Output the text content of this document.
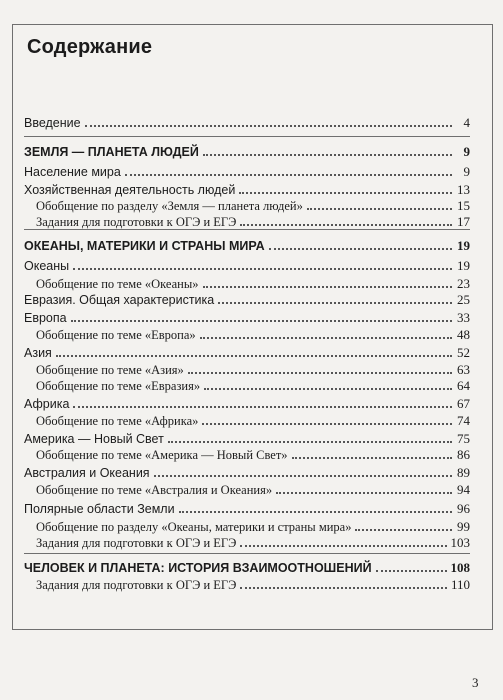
Содержание
Введение	4
ЗЕМЛЯ — ПЛАНЕТА ЛЮДЕЙ	9
Население мира	9
Хозяйственная деятельность людей	13
Обобщение по разделу «Земля — планета людей»	15
Задания для подготовки к ОГЭ и ЕГЭ	17
ОКЕАНЫ, МАТЕРИКИ И СТРАНЫ МИРА	19
Океаны	19
Обобщение по теме «Океаны»	23
Евразия. Общая характеристика	25
Европа	33
Обобщение по теме «Европа»	48
Азия	52
Обобщение по теме «Азия»	63
Обобщение по теме «Евразия»	64
Африка	67
Обобщение по теме «Африка»	74
Америка — Новый Свет	75
Обобщение по теме «Америка — Новый Свет»	86
Австралия и Океания	89
Обобщение по теме «Австралия и Океания»	94
Полярные области Земли	96
Обобщение по разделу «Океаны, материки и страны мира»	99
Задания для подготовки к ОГЭ и ЕГЭ	103
ЧЕЛОВЕК И ПЛАНЕТА: ИСТОРИЯ ВЗАИМООТНОШЕНИЙ	108
Задания для подготовки к ОГЭ и ЕГЭ	110
3
